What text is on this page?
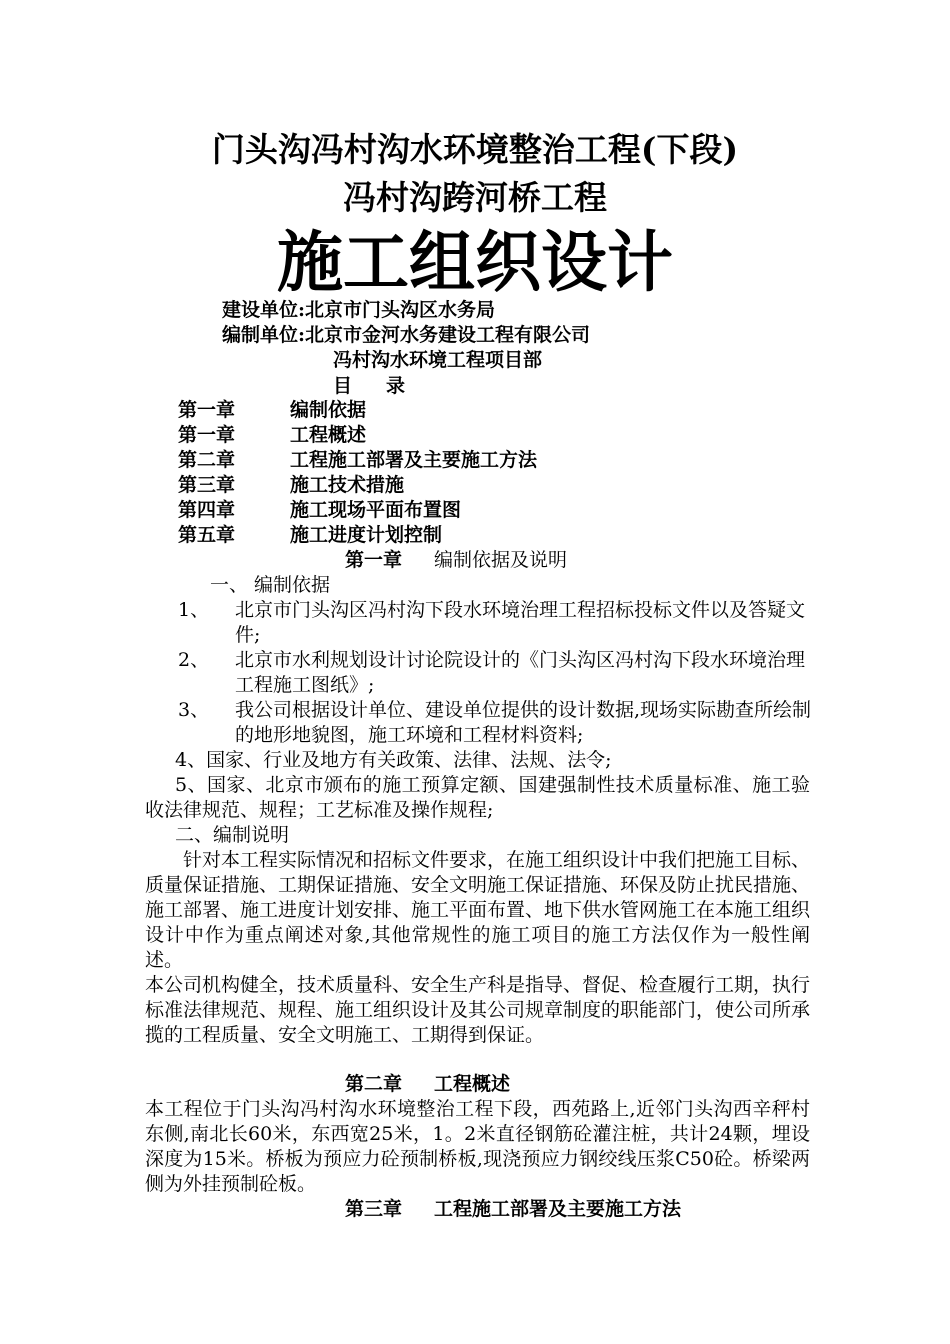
门头沟冯村沟水环境整治工程(下段)
冯村沟跨河桥工程
施工组织设计
建设单位:北京市门头沟区水务局
编制单位:北京市金河水务建设工程有限公司
冯村沟水环境工程项目部
目 录
第一章	编制依据
第一章	工程概述
第二章	工程施工部署及主要施工方法
第三章	施工技术措施
第四章	施工现场平面布置图
第五章	施工进度计划控制
第一章 编制依据及说明
一、 编制依据
1、 北京市门头沟区冯村沟下段水环境治理工程招标投标文件以及答疑文件;
2、 北京市水利规划设计讨论院设计的《门头沟区冯村沟下段水环境治理工程施工图纸》;
3、 我公司根据设计单位、建设单位提供的设计数据,现场实际勘查所绘制的地形地貌图，施工环境和工程材料资料;
4、国家、行业及地方有关政策、法律、法规、法令;
5、国家、北京市颁布的施工预算定额、国建强制性技术质量标准、施工验收法律规范、规程；工艺标准及操作规程;
二、编制说明
针对本工程实际情况和招标文件要求，在施工组织设计中我们把施工目标、质量保证措施、工期保证措施、安全文明施工保证措施、环保及防止扰民措施、施工部署、施工进度计划安排、施工平面布置、地下供水管网施工在本施工组织设计中作为重点阐述对象,其他常规性的施工项目的施工方法仅作为一般性阐述。
本公司机构健全，技术质量科、安全生产科是指导、督促、检查履行工期，执行标准法律规范、规程、施工组织设计及其公司规章制度的职能部门，使公司所承揽的工程质量、安全文明施工、工期得到保证。
第二章 工程概述
本工程位于门头沟冯村沟水环境整治工程下段，西苑路上,近邻门头沟西辛秤村东侧,南北长60米，东西宽25米，1。2米直径钢筋砼灌注桩，共计24颗，埋设深度为15米。桥板为预应力砼预制桥板,现浇预应力钢绞线压浆C50砼。桥梁两侧为外挂预制砼板。
第三章 工程施工部署及主要施工方法
